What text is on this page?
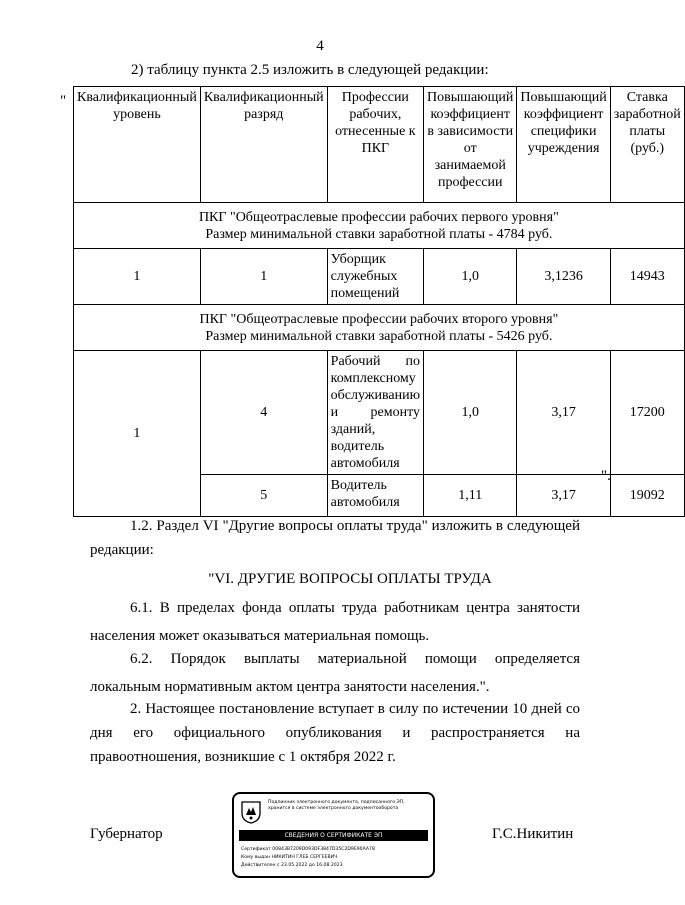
4
2) таблицу пункта 2.5 изложить в следующей редакции:
" Квалификационный уровень	Квалификационный разряд	Профессии рабочих, отнесенные к ПКГ	Повышающий коэффициент в зависимости от занимаемой профессии	Повышающий коэффициент специфики учреждения	Ставка заработной платы (руб.)

ПКГ "Общеотраслевые профессии рабочих первого уровня"
Размер минимальной ставки заработной платы - 4784 руб.					

1	1	Уборщик служебных помещений	1,0	3,1236	14943

ПКГ "Общеотраслевые профессии рабочих второго уровня"
Размер минимальной ставки заработной платы - 5426 руб.					

1	4	Рабочий по комплексному обслуживанию и ремонту зданий, водитель автомобиля	1,0	3,17	17200
	5	Водитель автомобиля	1,11	3,17	19092
".
1.2. Раздел VI "Другие вопросы оплаты труда" изложить в следующей редакции:
"VI. ДРУГИЕ ВОПРОСЫ ОПЛАТЫ ТРУДА
6.1. В пределах фонда оплаты труда работникам центра занятости населения может оказываться материальная помощь.
6.2. Порядок выплаты материальной помощи определяется локальным нормативным актом центра занятости населения.".
2. Настоящее постановление вступает в силу по истечении 10 дней со дня его официального опубликования и распространяется на правоотношения, возникшие с 1 октября 2022 г.
Губернатор	Г.С.Никитин
Подлинник электронного документа, подписанного ЭП, хранится в системе электронного документооборота
СВЕДЕНИЯ О СЕРТИФИКАТЕ ЭП
Сертификат 00843B7209D093DF3847D35C2D9E90AA78
Кому выдан НИКИТИН ГЛЕБ СЕРГЕЕВИЧ
Действителен с 23.05.2022 до 16.08.2023
